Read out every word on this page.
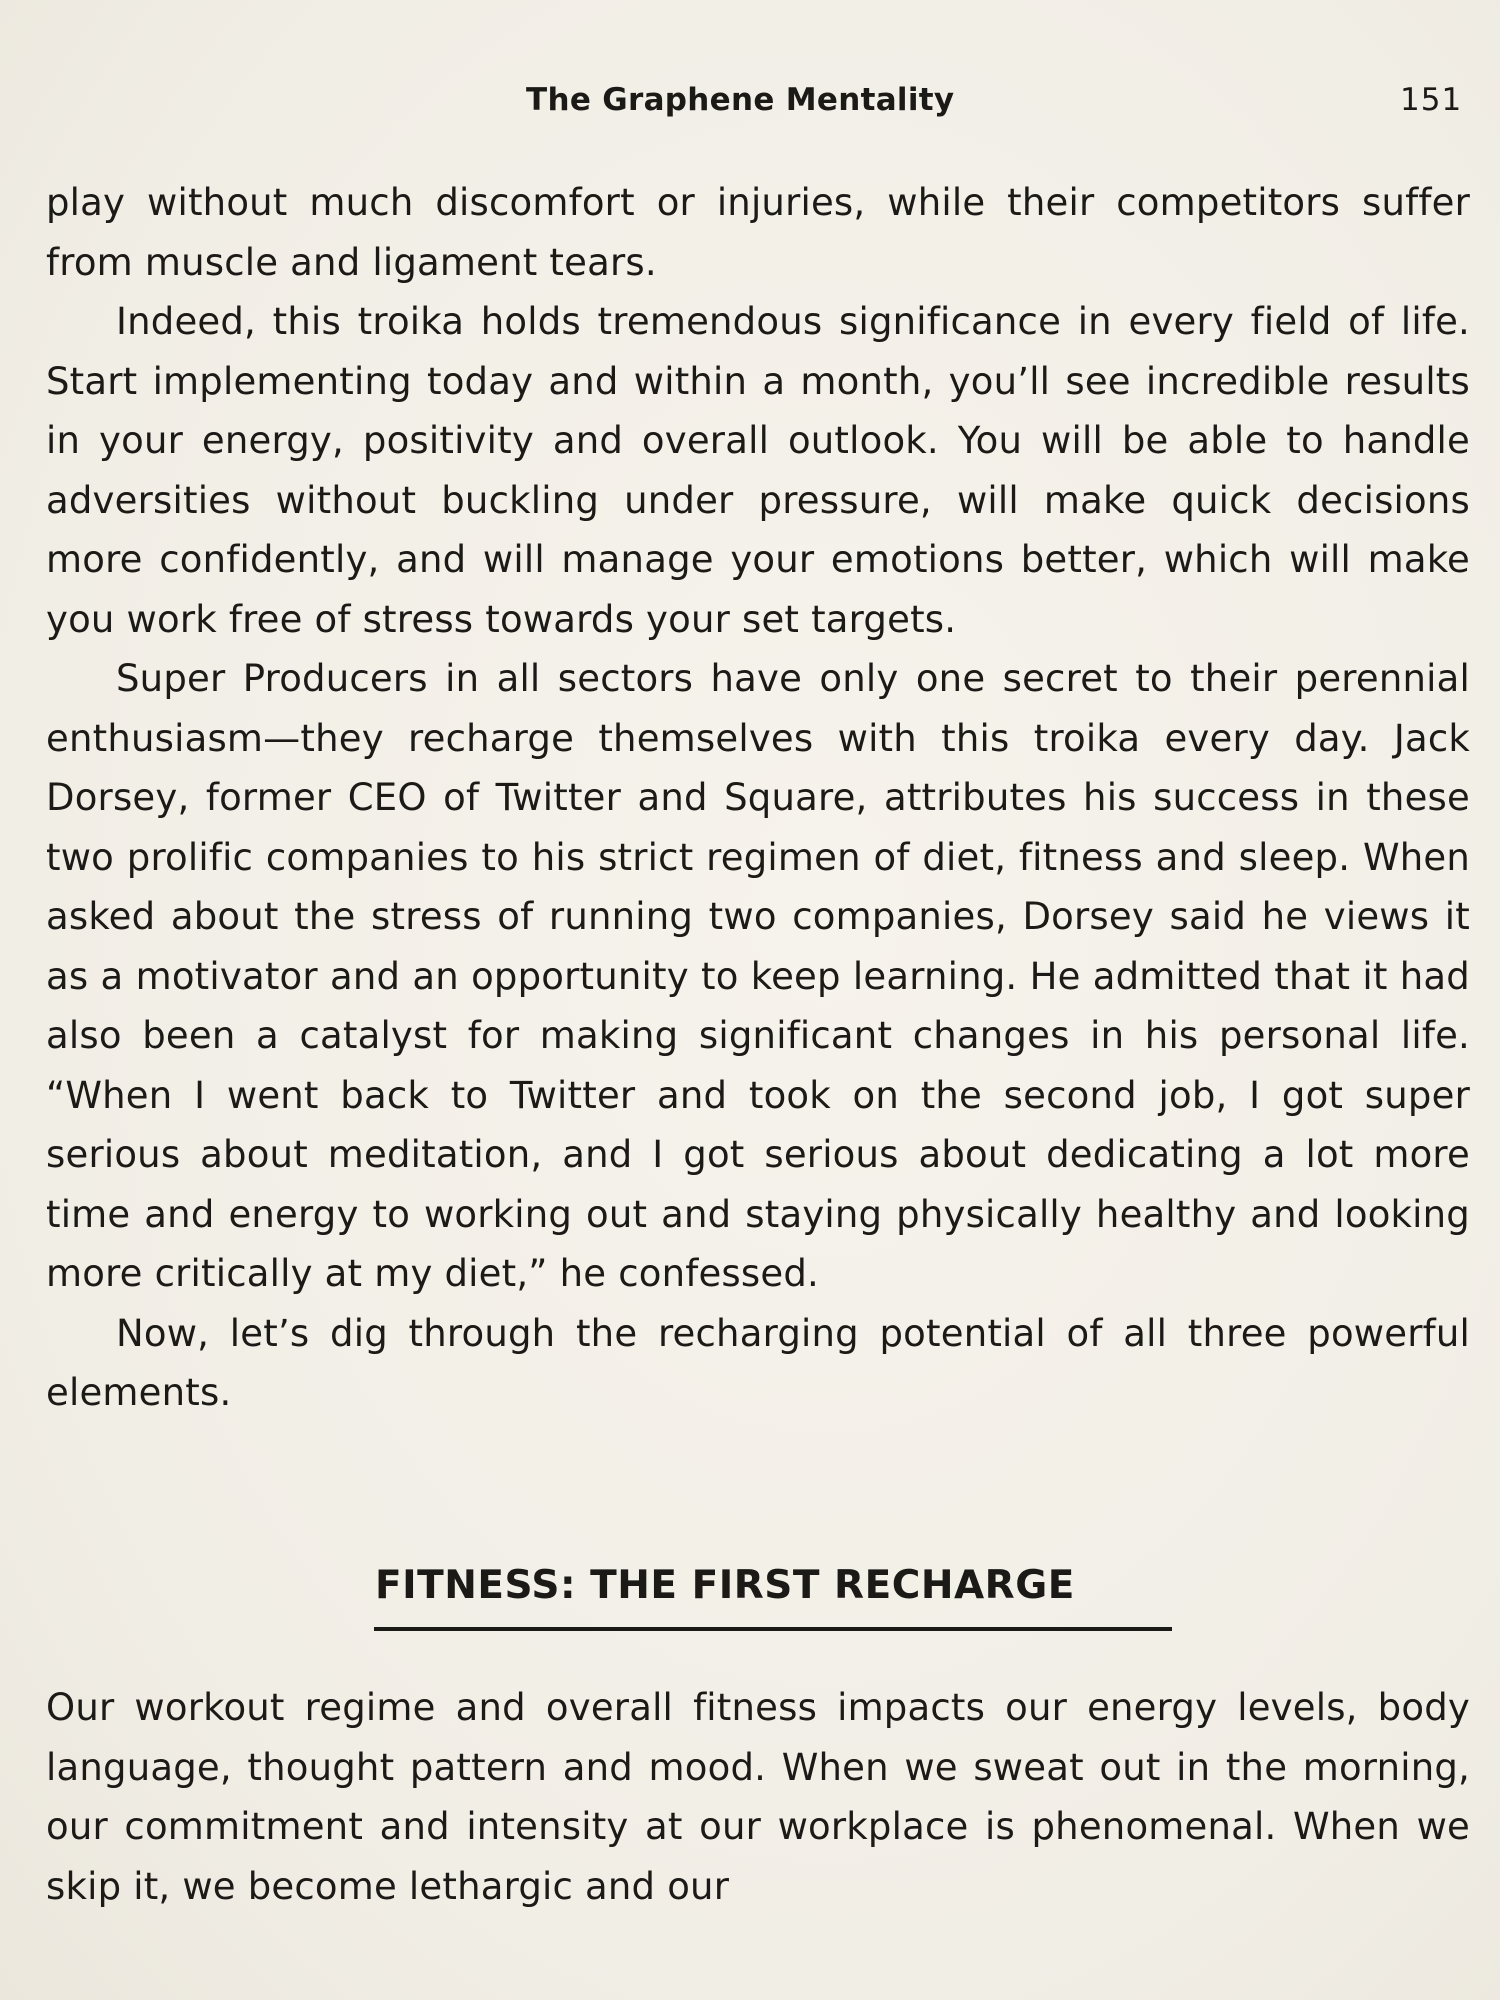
The Graphene Mentality	151

play without much discomfort or injuries, while their competitors suffer from muscle and ligament tears.

Indeed, this troika holds tremendous significance in every field of life. Start implementing today and within a month, you’ll see incredible results in your energy, positivity and overall outlook. You will be able to handle adversities without buckling under pressure, will make quick decisions more confidently, and will manage your emotions better, which will make you work free of stress towards your set targets.

Super Producers in all sectors have only one secret to their perennial enthusiasm—they recharge themselves with this troika every day. Jack Dorsey, former CEO of Twitter and Square, attributes his success in these two prolific companies to his strict regimen of diet, fitness and sleep. When asked about the stress of running two companies, Dorsey said he views it as a motivator and an opportunity to keep learning. He admitted that it had also been a catalyst for making significant changes in his personal life. “When I went back to Twitter and took on the second job, I got super serious about meditation, and I got serious about dedicating a lot more time and energy to working out and staying physically healthy and looking more critically at my diet,” he confessed.

Now, let’s dig through the recharging potential of all three powerful elements.

FITNESS: THE FIRST RECHARGE

Our workout regime and overall fitness impacts our energy levels, body language, thought pattern and mood. When we sweat out in the morning, our commitment and intensity at our workplace is phenomenal. When we skip it, we become lethargic and our
